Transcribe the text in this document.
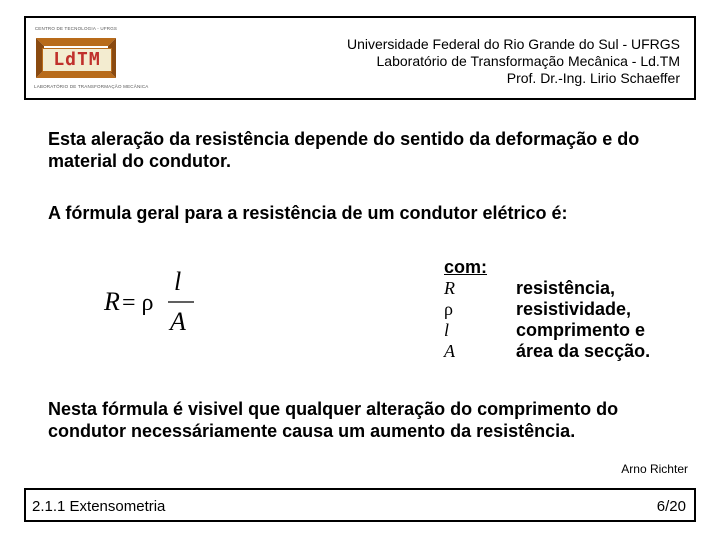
CENTRO DE TECNOLOGIA - UFRGS
LdTM
LABORATÓRIO DE TRANSFORMAÇÃO MECÂNICA
Universidade Federal do Rio Grande do Sul - UFRGS
Laboratório de Transformação Mecânica - Ld.TM
Prof. Dr.-Ing. Lirio Schaeffer
Esta aleração da resistência depende do sentido da deformação e do material do condutor.
A fórmula geral para a resistência de um condutor elétrico é:
R = ρ
l
A
com:
R	resistência,
ρ	resistividade,
l	comprimento e
A	área da secção.
Nesta fórmula é visivel que qualquer alteração do comprimento do condutor necessáriamente causa um aumento da resistência.
Arno Richter
2.1.1 Extensometria	6/20
